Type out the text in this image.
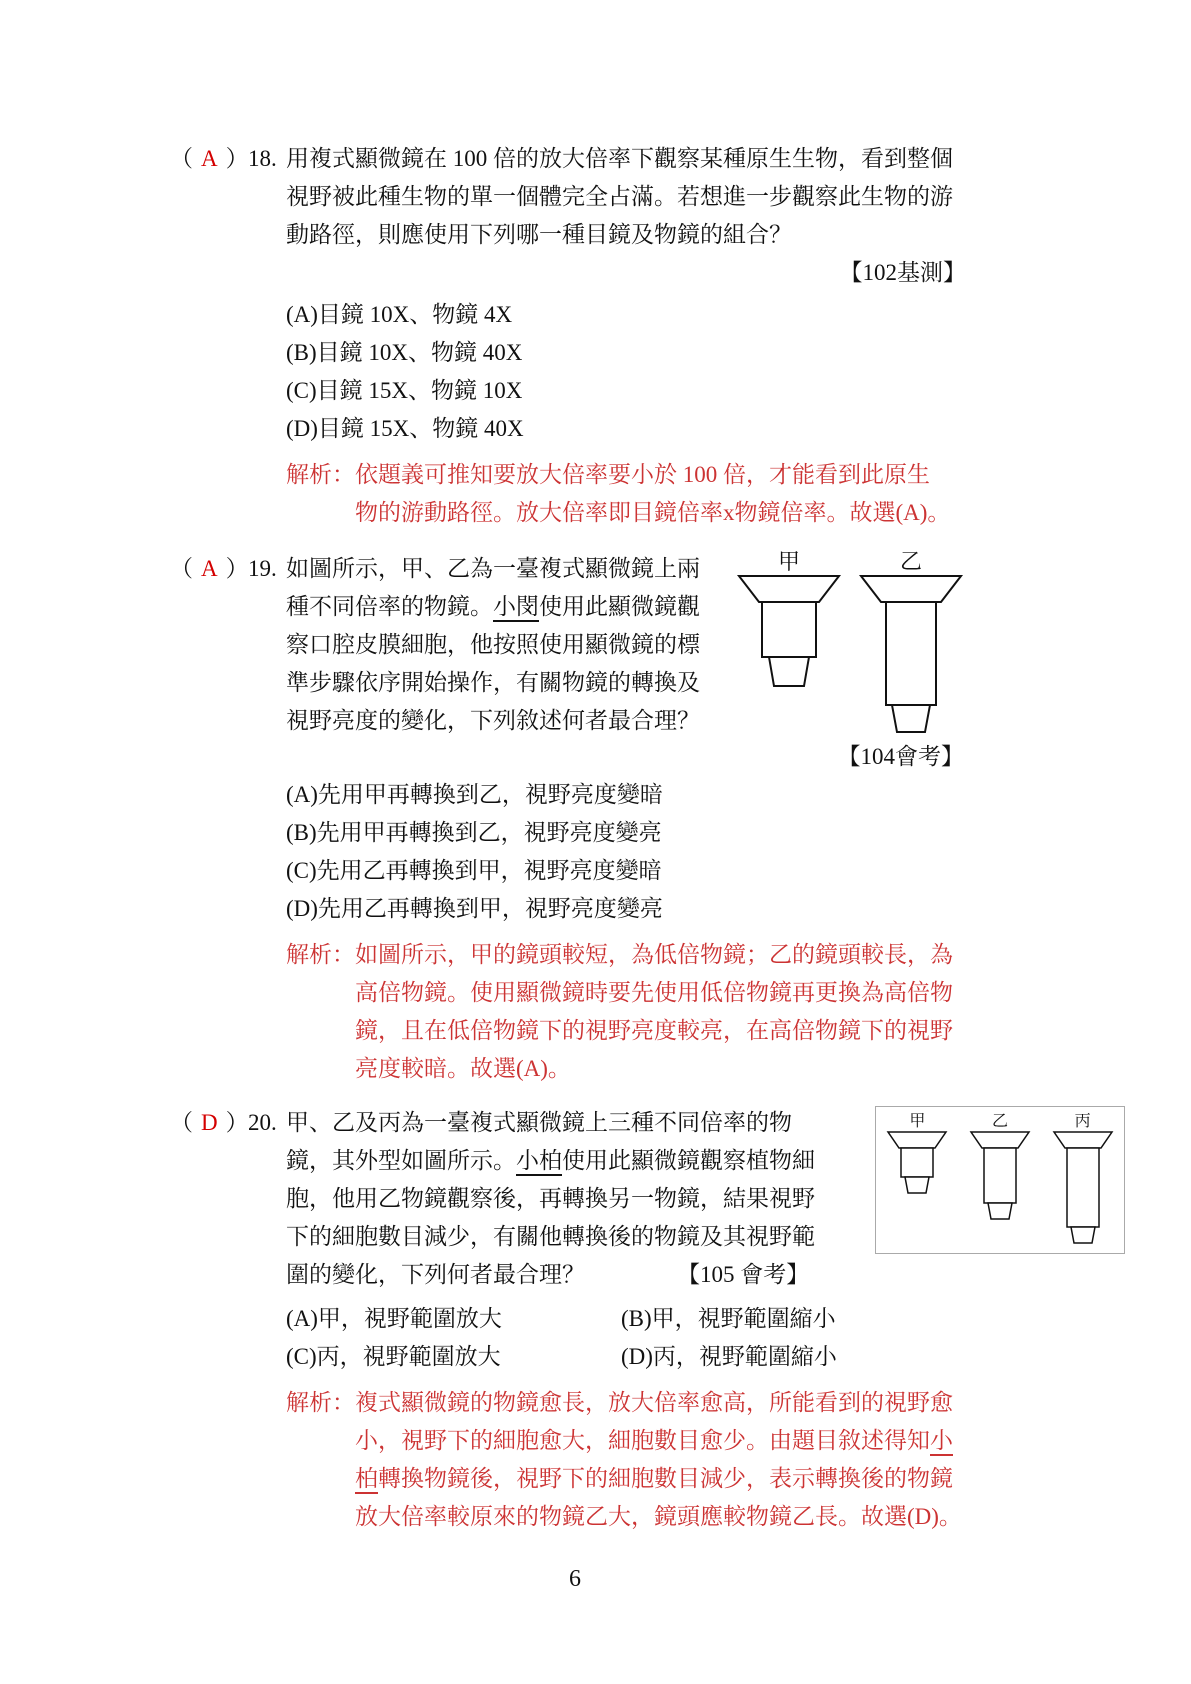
（ A ） 18. 用複式顯微鏡在 100 倍的放大倍率下觀察某種原生生物，看到整個
視野被此種生物的單一個體完全占滿。若想進一步觀察此生物的游
動路徑，則應使用下列哪一種目鏡及物鏡的組合？
【102基測】
(A)目鏡 10X、物鏡 4X
(B)目鏡 10X、物鏡 40X
(C)目鏡 15X、物鏡 10X
(D)目鏡 15X、物鏡 40X
解析：依題義可推知要放大倍率要小於 100 倍，才能看到此原生
物的游動路徑。放大倍率即目鏡倍率x物鏡倍率。故選(A)。
（ A ） 19. 如圖所示，甲、乙為一臺複式顯微鏡上兩
種不同倍率的物鏡。小閔使用此顯微鏡觀
察口腔皮膜細胞，他按照使用顯微鏡的標
準步驟依序開始操作，有關物鏡的轉換及
視野亮度的變化，下列敘述何者最合理？
甲	乙
【104會考】
(A)先用甲再轉換到乙，視野亮度變暗
(B)先用甲再轉換到乙，視野亮度變亮
(C)先用乙再轉換到甲，視野亮度變暗
(D)先用乙再轉換到甲，視野亮度變亮
解析：如圖所示，甲的鏡頭較短，為低倍物鏡；乙的鏡頭較長，為
高倍物鏡。使用顯微鏡時要先使用低倍物鏡再更換為高倍物
鏡，且在低倍物鏡下的視野亮度較亮，在高倍物鏡下的視野
亮度較暗。故選(A)。
（ D ） 20. 甲、乙及丙為一臺複式顯微鏡上三種不同倍率的物
鏡，其外型如圖所示。小柏使用此顯微鏡觀察植物細
胞，他用乙物鏡觀察後，再轉換另一物鏡，結果視野
下的細胞數目減少，有關他轉換後的物鏡及其視野範
圍的變化，下列何者最合理？	【105 會考】
甲	乙	丙
(A)甲，視野範圍放大	(B)甲，視野範圍縮小
(C)丙，視野範圍放大	(D)丙，視野範圍縮小
解析：複式顯微鏡的物鏡愈長，放大倍率愈高，所能看到的視野愈
小，視野下的細胞愈大，細胞數目愈少。由題目敘述得知小
柏轉換物鏡後，視野下的細胞數目減少，表示轉換後的物鏡
放大倍率較原來的物鏡乙大，鏡頭應較物鏡乙長。故選(D)。
6
